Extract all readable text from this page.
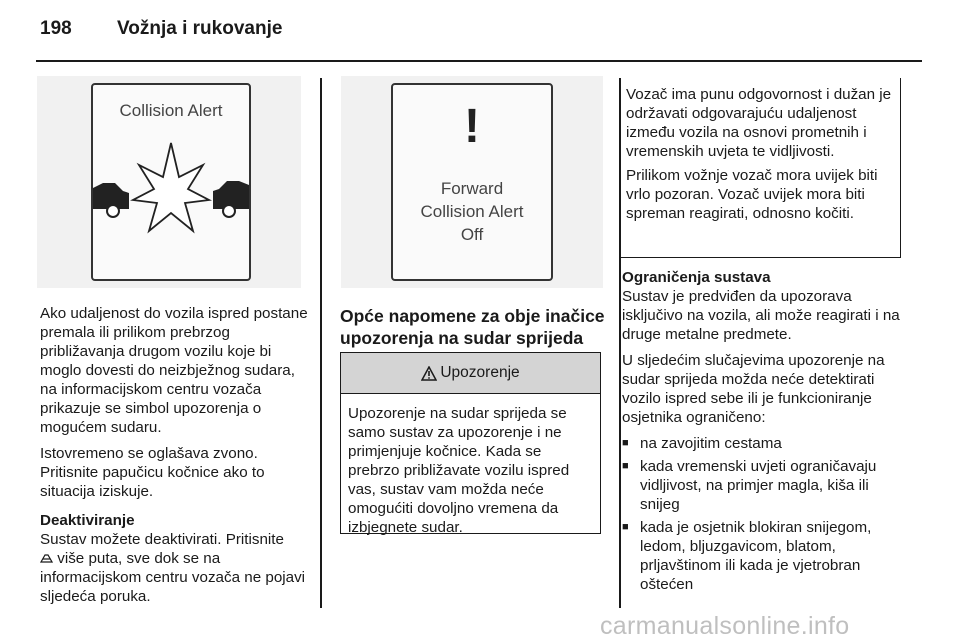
198 Vožnja i rukovanje
Collision Alert	!
Forward
Collision Alert
Off

Ako udaljenost do vozila ispred postane premala ili prilikom prebrzog približavanja drugom vozilu koje bi moglo dovesti do neizbježnog sudara, na informacijskom centru vozača prikazuje se simbol upozorenja o mogućem sudaru.

Istovremeno se oglašava zvono. Pritisnite papučicu kočnice ako to situacija iziskuje.

Deaktiviranje

Sustav možete deaktivirati. Pritisnite
više puta, sve dok se na informacijskom centru vozača ne pojavi sljedeća poruka.

Opće napomene za obje inačice upozorenja na sudar sprijeda
Upozorenje
Upozorenje na sudar sprijeda se samo sustav za upozorenje i ne primjenjuje kočnice. Kada se prebrzo približavate vozilu ispred vas, sustav vam možda neće omogućiti dovoljno vremena da izbjegnete sudar.

Vozač ima punu odgovornost i dužan je održavati odgovarajuću udaljenost između vozila na osnovi prometnih i vremenskih uvjeta te vidljivosti.

Prilikom vožnje vozač mora uvijek biti vrlo pozoran. Vozač uvijek mora biti spreman reagirati, odnosno kočiti.

Ograničenja sustava

Sustav je predviđen da upozorava isključivo na vozila, ali može reagirati i na druge metalne predmete.

U sljedećim slučajevima upozorenje na sudar sprijeda možda neće detektirati vozilo ispred sebe ili je funkcioniranje osjetnika ograničeno:

■ na zavojitim cestama
■ kada vremenski uvjeti ograničavaju vidljivost, na primjer magla, kiša ili snijeg
■ kada je osjetnik blokiran snijegom, ledom, bljuzgavicom, blatom, prljavštinom ili kada je vjetrobran oštećen
carmanualsonline.info
